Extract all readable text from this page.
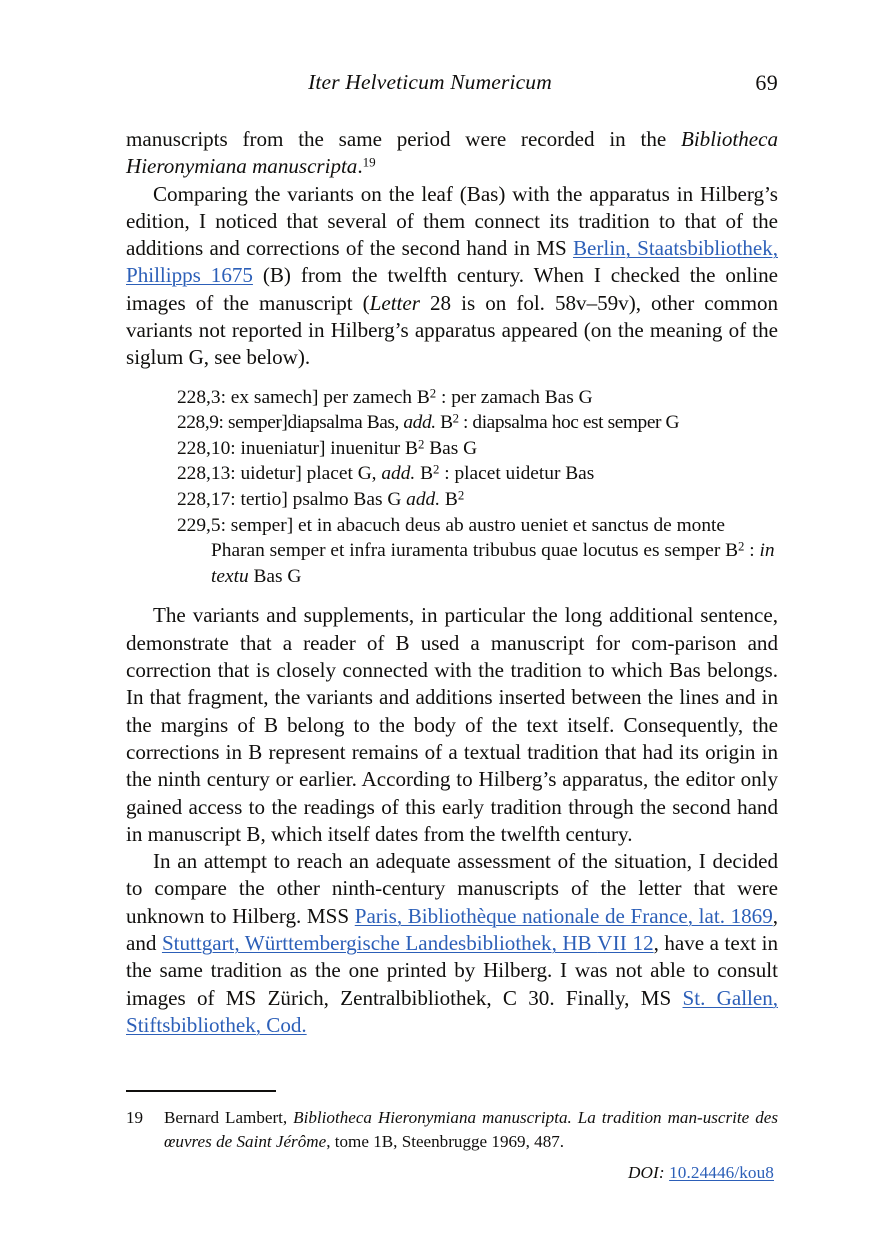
Iter Helveticum Numericum	69

manuscripts from the same period were recorded in the Bibliotheca Hieronymiana manuscripta.$^{19}$

Comparing the variants on the leaf (Bas) with the apparatus in Hilberg’s edition, I noticed that several of them connect its tradition to that of the additions and corrections of the second hand in MS Berlin, Staatsbibliothek, Phillipps 1675 (B) from the twelfth century. When I checked the online images of the manuscript (Letter 28 is on fol. 58v–59v), other common variants not reported in Hilberg’s apparatus appeared (on the meaning of the siglum G, see below).

228,3: ex samech] per zamech $B^2$ : per zamach Bas G
228,9: semper]diapsalma Bas, add. $B^2$ : diapsalma hoc est semper G
228,10: inueniatur] inuenitur $B^2$ Bas G
228,13: uidetur] placet G, add. $B^2$ : placet uidetur Bas
228,17: tertio] psalmo Bas G add. $B^2$
229,5: semper] et in abacuch deus ab austro ueniet et sanctus de monte Pharan semper et infra iuramenta tribubus quae locutus es semper $B^2$ : in textu Bas G

The variants and supplements, in particular the long additional sentence, demonstrate that a reader of B used a manuscript for com-parison and correction that is closely connected with the tradition to which Bas belongs. In that fragment, the variants and additions inserted between the lines and in the margins of B belong to the body of the text itself. Consequently, the corrections in B represent remains of a textual tradition that had its origin in the ninth century or earlier. According to Hilberg’s apparatus, the editor only gained access to the readings of this early tradition through the second hand in manuscript B, which itself dates from the twelfth century.

In an attempt to reach an adequate assessment of the situation, I decided to compare the other ninth-century manuscripts of the letter that were unknown to Hilberg. MSS Paris, Bibliothèque nationale de France, lat. 1869, and Stuttgart, Württembergische Landesbibliothek, HB VII 12, have a text in the same tradition as the one printed by Hilberg. I was not able to consult images of MS Zürich, Zentralbibliothek, C 30. Finally, MS St. Gallen, Stiftsbibliothek, Cod.

19 Bernard Lambert, Bibliotheca Hieronymiana manuscripta. La tradition man-uscrite des œuvres de Saint Jérôme, tome 1B, Steenbrugge 1969, 487.
DOI: 10.24446/kou8
